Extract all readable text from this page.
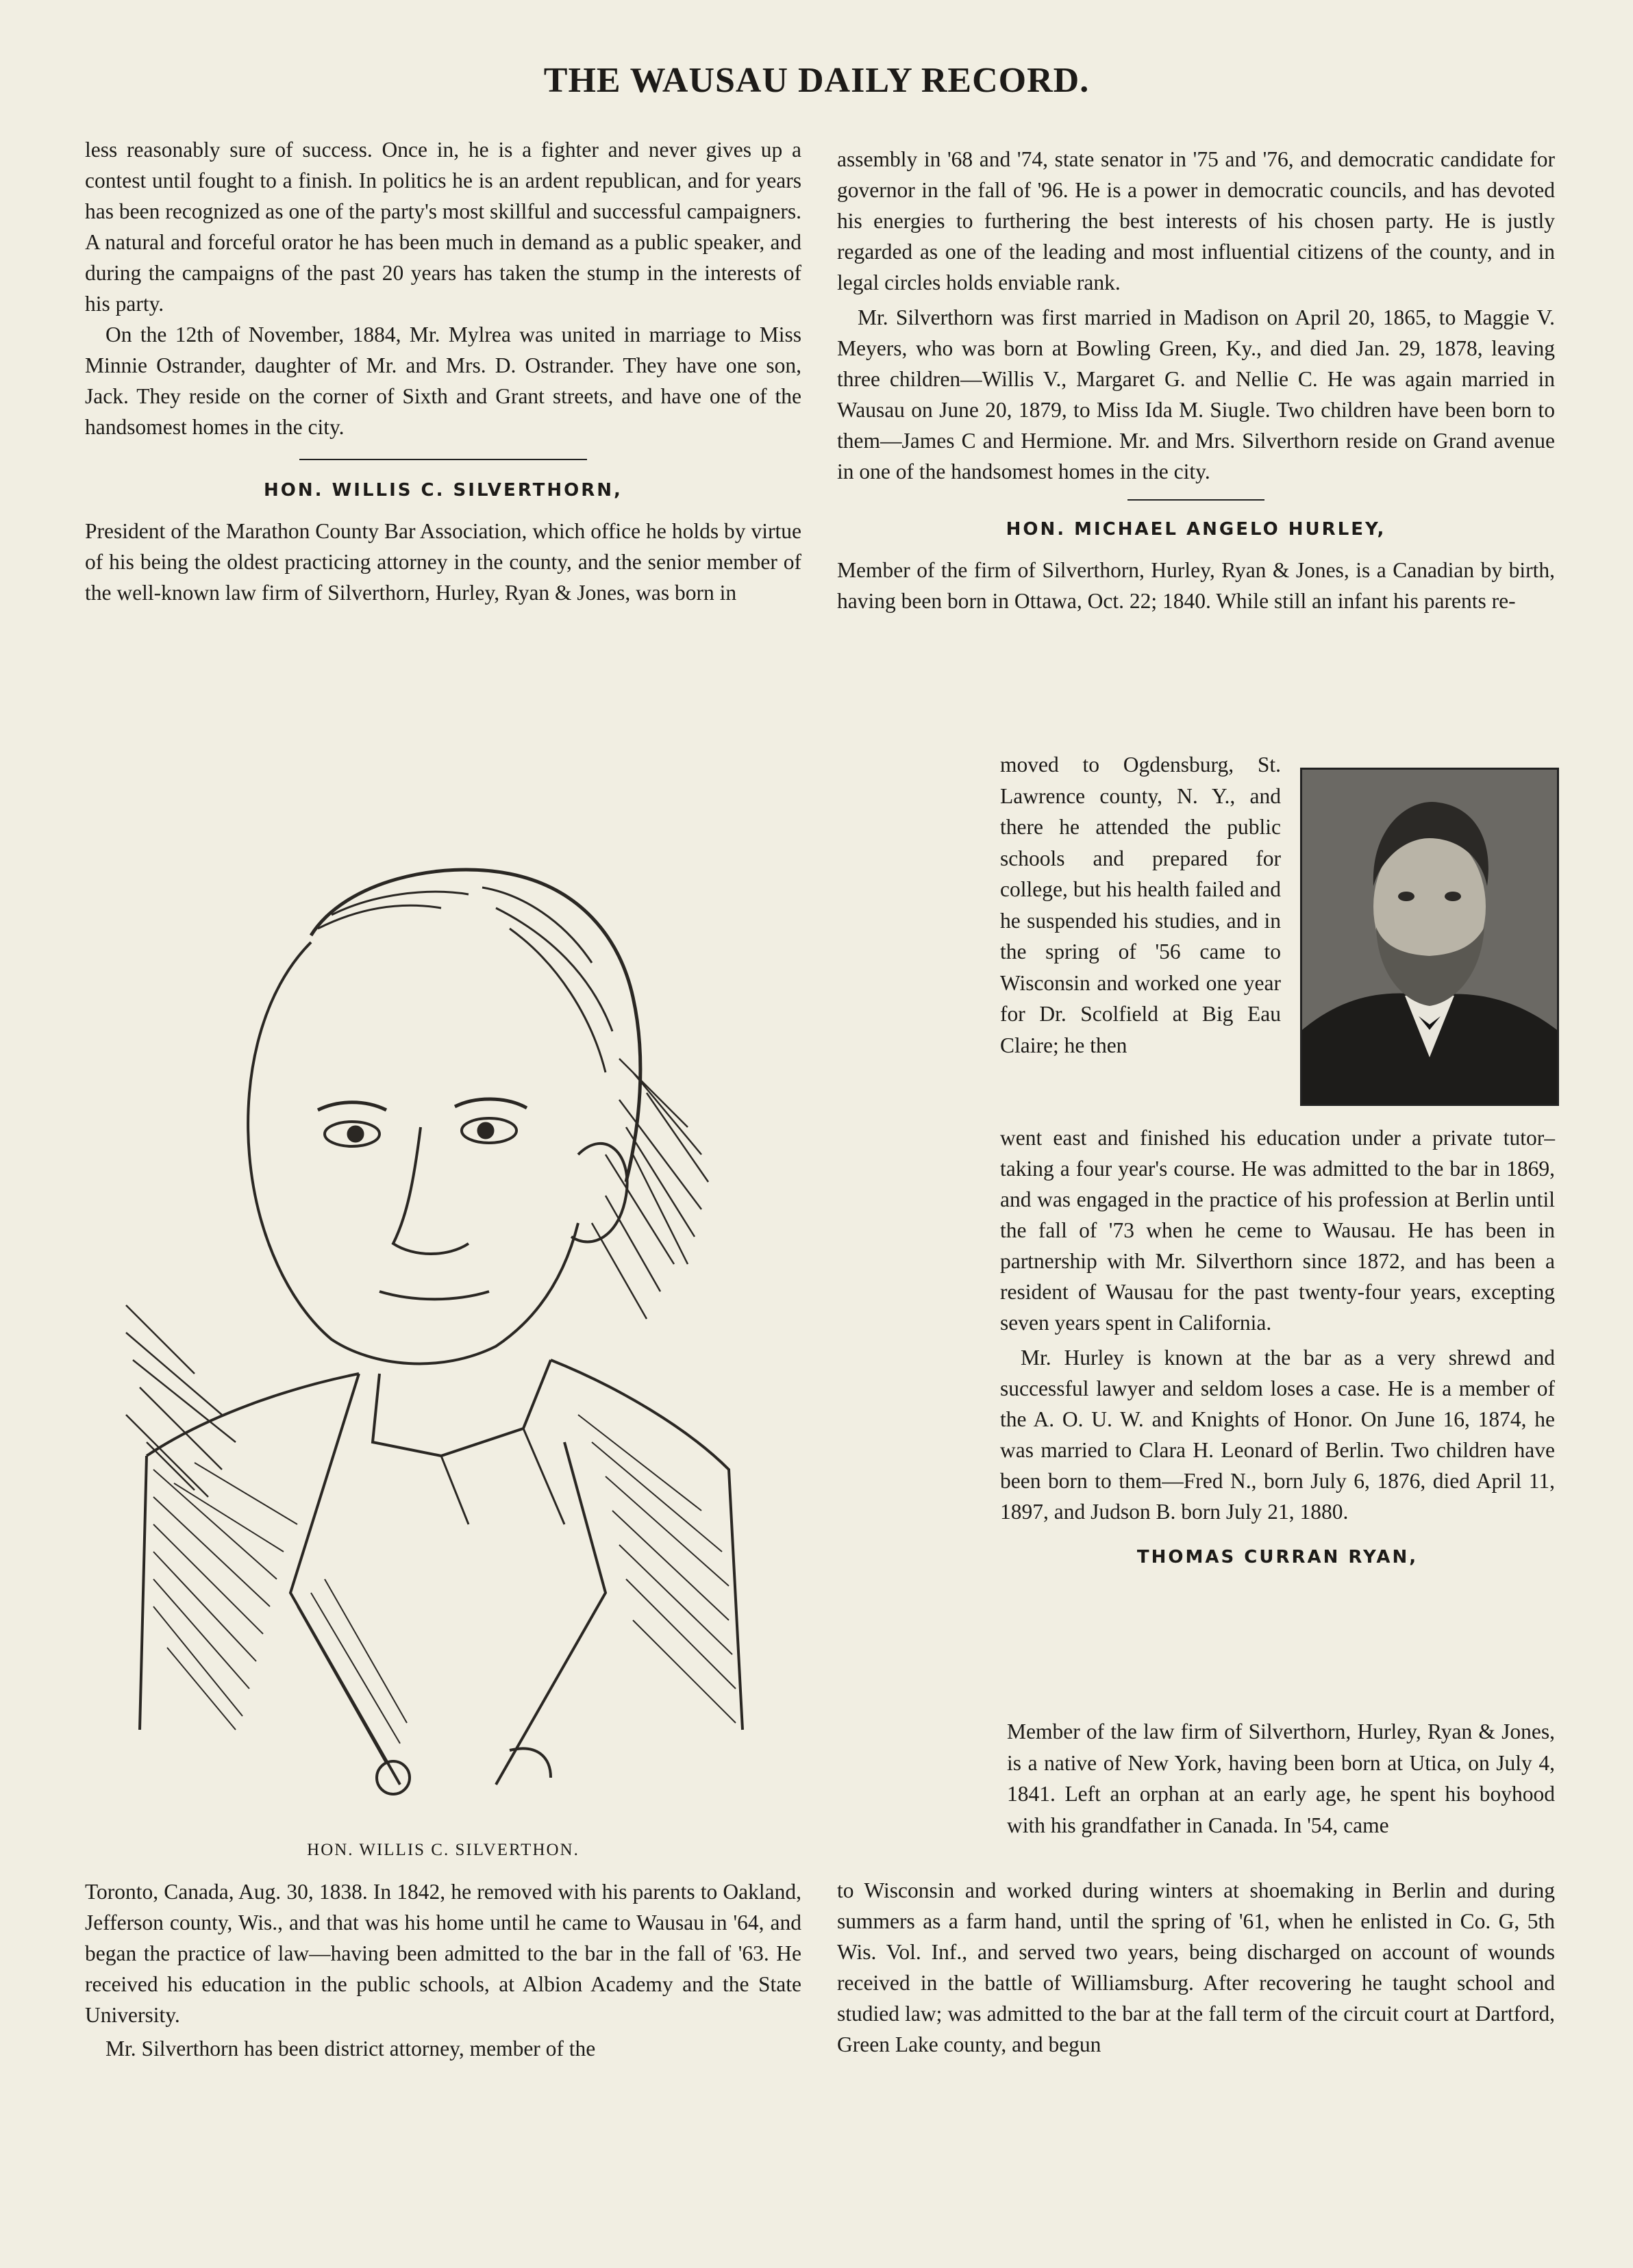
THE WAUSAU DAILY RECORD.

less reasonably sure of success. Once in, he is a fighter and never gives up a contest until fought to a finish. In politics he is an ardent republican, and for years has been recognized as one of the party's most skillful and successful campaigners. A natural and forceful orator he has been much in demand as a public speaker, and during the campaigns of the past 20 years has taken the stump in the interests of his party.

On the 12th of November, 1884, Mr. Mylrea was united in marriage to Miss Minnie Ostrander, daughter of Mr. and Mrs. D. Ostrander. They have one son, Jack. They reside on the corner of Sixth and Grant streets, and have one of the handsomest homes in the city.

HON. WILLIS C. SILVERTHORN,

President of the Marathon County Bar Association, which office he holds by virtue of his being the oldest practicing attorney in the county, and the senior member of the well-known law firm of Silverthorn, Hurley, Ryan & Jones, was born in

HON. WILLIS C. SILVERTHON.

Toronto, Canada, Aug. 30, 1838. In 1842, he removed with his parents to Oakland, Jefferson county, Wis., and that was his home until he came to Wausau in '64, and began the practice of law—having been admitted to the bar in the fall of '63. He received his education in the public schools, at Albion Academy and the State University.

Mr. Silverthorn has been district attorney, member of the

assembly in '68 and '74, state senator in '75 and '76, and democratic candidate for governor in the fall of '96. He is a power in democratic councils, and has devoted his energies to furthering the best interests of his chosen party. He is justly regarded as one of the leading and most influential citizens of the county, and in legal circles holds enviable rank.

Mr. Silverthorn was first married in Madison on April 20, 1865, to Maggie V. Meyers, who was born at Bowling Green, Ky., and died Jan. 29, 1878, leaving three children—Willis V., Margaret G. and Nellie C. He was again married in Wausau on June 20, 1879, to Miss Ida M. Siugle. Two children have been born to them—James C and Hermione. Mr. and Mrs. Silverthorn reside on Grand avenue in one of the handsomest homes in the city.

HON. MICHAEL ANGELO HURLEY,

Member of the firm of Silverthorn, Hurley, Ryan & Jones, is a Canadian by birth, having been born in Ottawa, Oct. 22; 1840. While still an infant his parents re-

moved to Ogdensburg, St. Lawrence county, N. Y., and there he attended the public schools and prepared for college, but his health failed and he suspended his studies, and in the spring of '56 came to Wisconsin and worked one year for Dr. Scolfield at Big Eau Claire; he then

went east and finished his education under a private tutor– taking a four year's course. He was admitted to the bar in 1869, and was engaged in the practice of his profession at Berlin until the fall of '73 when he ceme to Wausau. He has been in partnership with Mr. Silverthorn since 1872, and has been a resident of Wausau for the past twenty-four years, excepting seven years spent in California.

Mr. Hurley is known at the bar as a very shrewd and successful lawyer and seldom loses a case. He is a member of the A. O. U. W. and Knights of Honor. On June 16, 1874, he was married to Clara H. Leonard of Berlin. Two children have been born to them—Fred N., born July 6, 1876, died April 11, 1897, and Judson B. born July 21, 1880.

THOMAS CURRAN RYAN,
Member of the law firm of Silverthorn, Hurley, Ryan & Jones, is a native of New York, having been born at Utica, on July 4, 1841. Left an orphan at an early age, he spent his boyhood with his grandfather in Canada. In '54, came
to Wisconsin and worked during winters at shoemaking in Berlin and during summers as a farm hand, until the spring of '61, when he enlisted in Co. G, 5th Wis. Vol. Inf., and served two years, being discharged on account of wounds received in the battle of Williamsburg. After recovering he taught school and studied law; was admitted to the bar at the fall term of the circuit court at Dartford, Green Lake county, and begun
